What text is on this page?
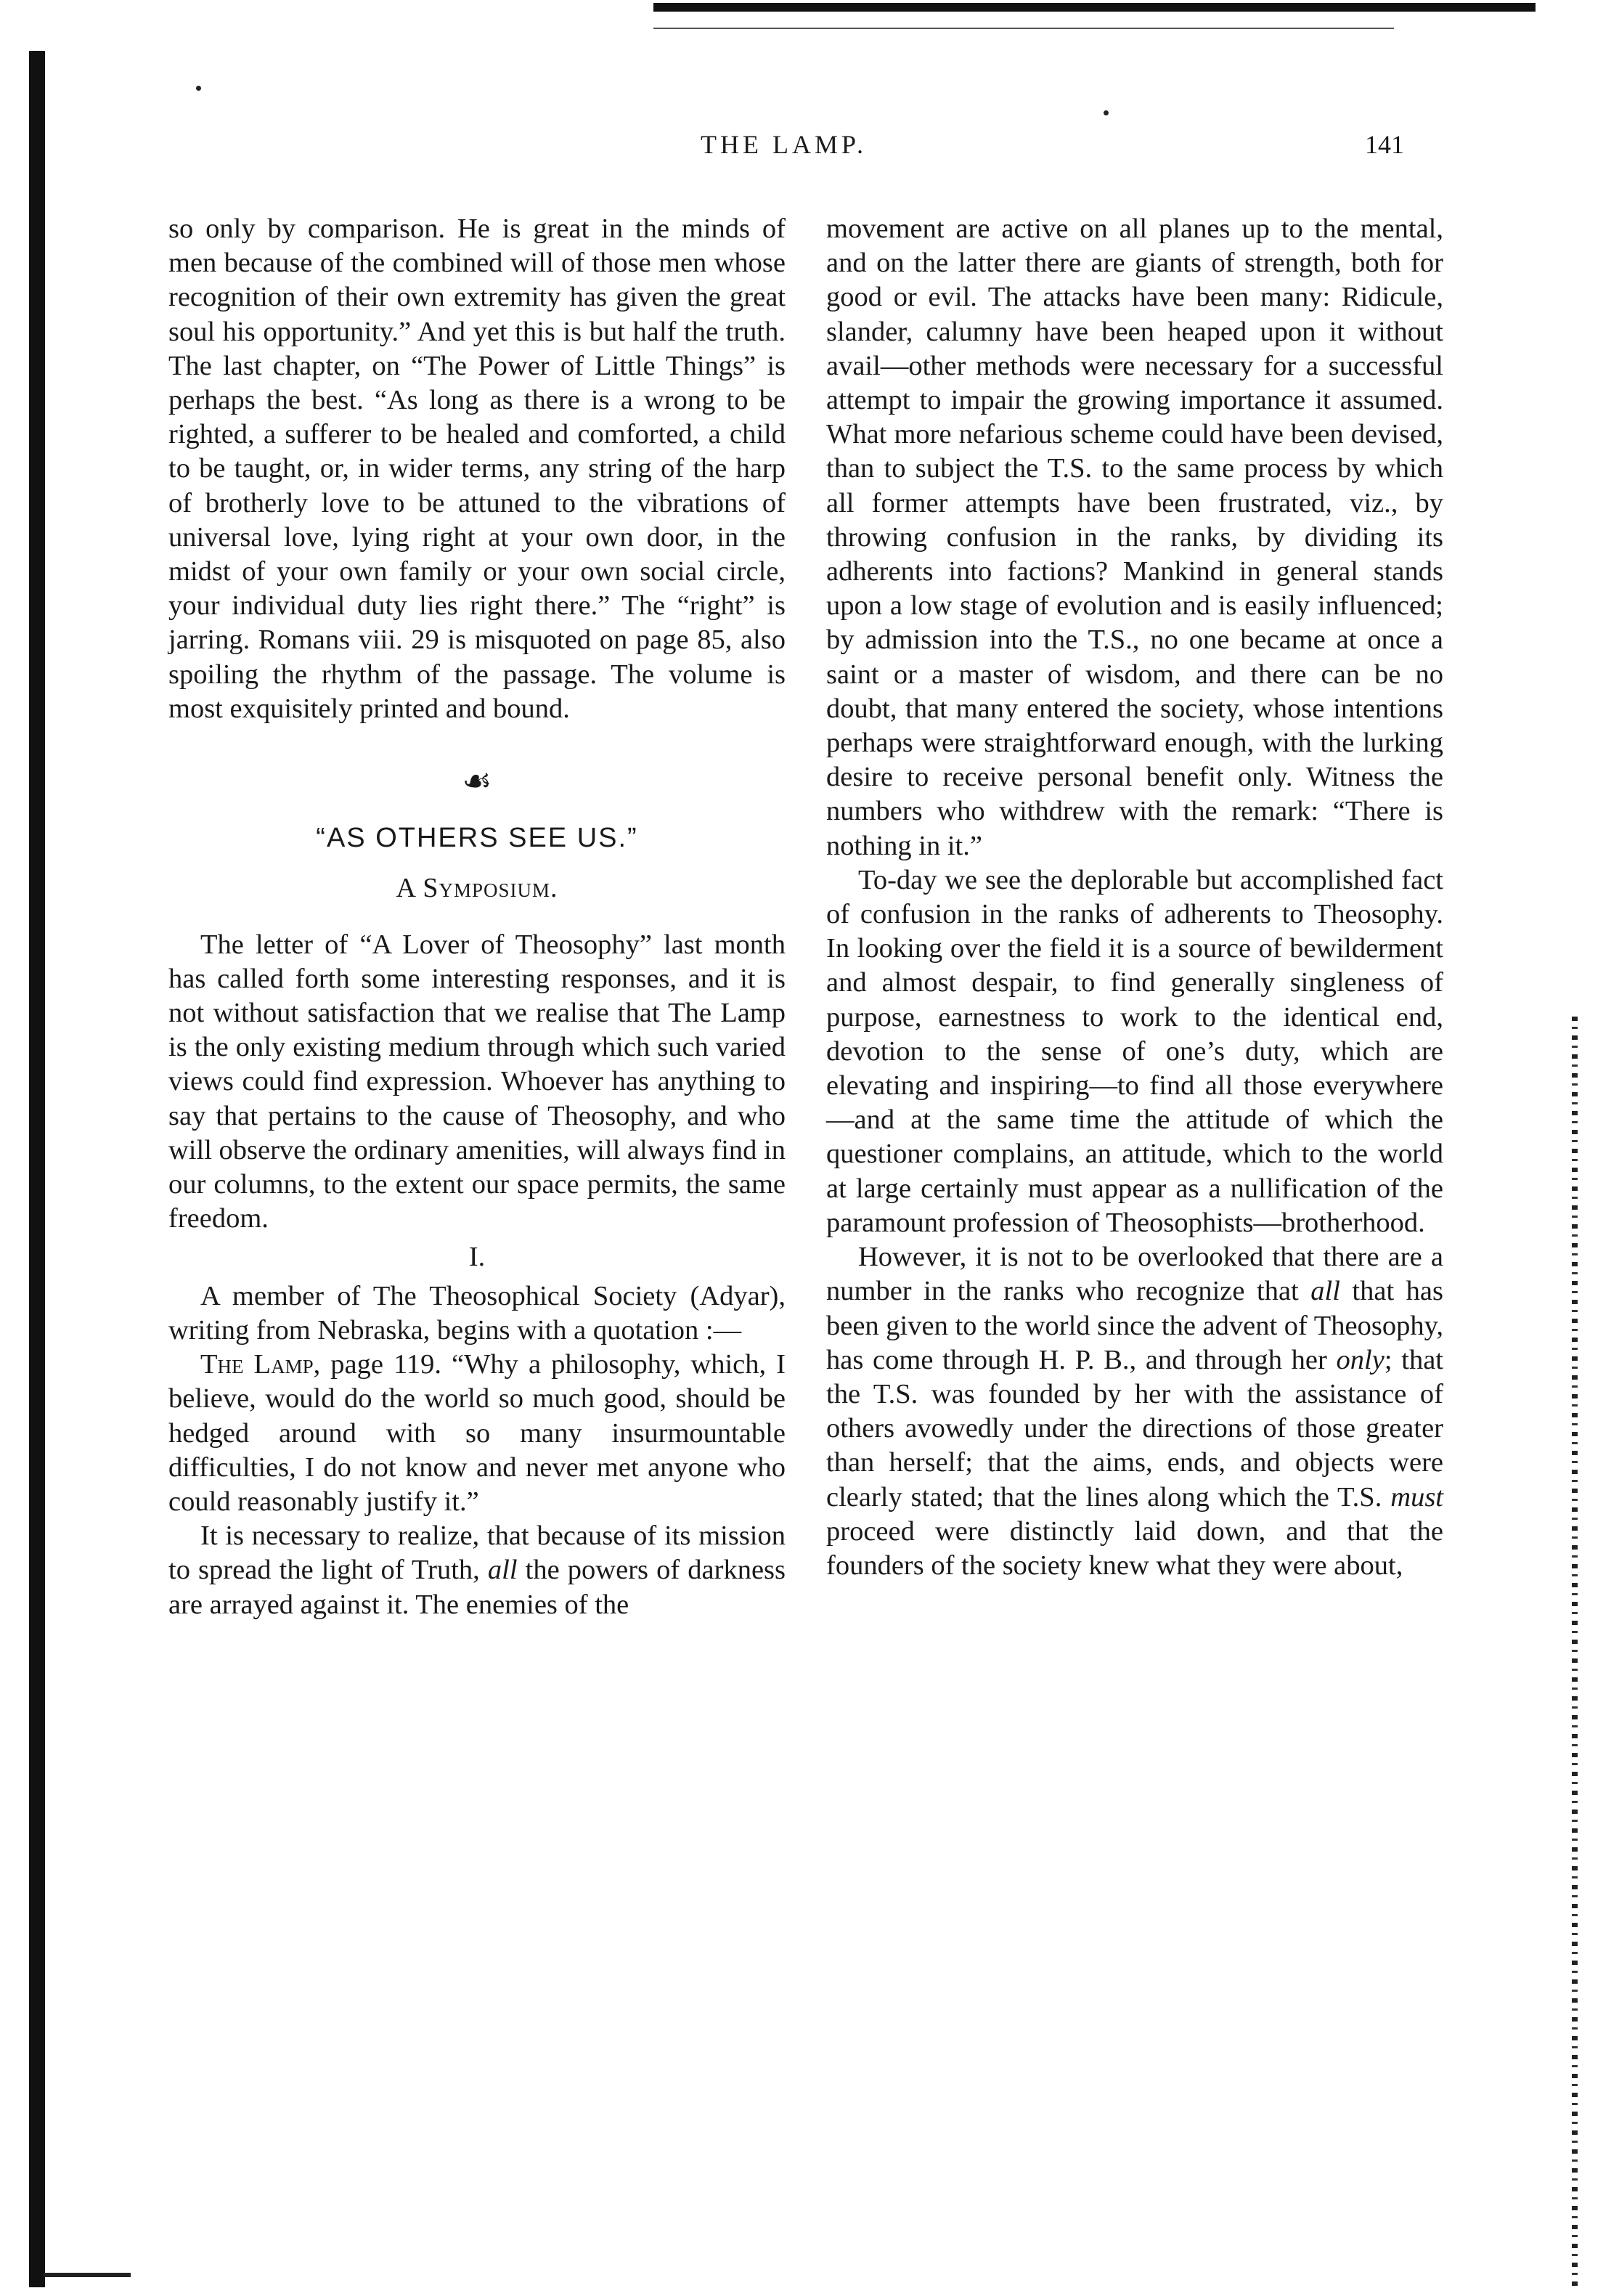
THE LAMP.	141

so only by comparison. He is great in the minds of men because of the combined will of those men whose recognition of their own extremity has given the great soul his opportunity.” And yet this is but half the truth. The last chapter, on “The Power of Little Things” is perhaps the best. “As long as there is a wrong to be righted, a sufferer to be healed and comforted, a child to be taught, or, in wider terms, any string of the harp of brotherly love to be attuned to the vibrations of universal love, lying right at your own door, in the midst of your own family or your own social circle, your individual duty lies right there.” The “right” is jarring. Romans viii. 29 is misquoted on page 85, also spoiling the rhythm of the passage. The volume is most exquisitely printed and bound.

☙
“AS OTHERS SEE US.”
A Symposium.

The letter of “A Lover of Theosophy” last month has called forth some interesting responses, and it is not without satisfaction that we realise that The Lamp is the only existing medium through which such varied views could find expression. Whoever has anything to say that pertains to the cause of Theosophy, and who will observe the ordinary amenities, will always find in our columns, to the extent our space permits, the same freedom.

I.

A member of The Theosophical Society (Adyar), writing from Nebraska, begins with a quotation :—

The Lamp, page 119. “Why a philosophy, which, I believe, would do the world so much good, should be hedged around with so many insurmountable difficulties, I do not know and never met anyone who could reasonably justify it.”

It is necessary to realize, that because of its mission to spread the light of Truth, all the powers of darkness are arrayed against it. The enemies of the

movement are active on all planes up to the mental, and on the latter there are giants of strength, both for good or evil. The attacks have been many: Ridicule, slander, calumny have been heaped upon it without avail—other methods were necessary for a successful attempt to impair the growing importance it assumed. What more nefarious scheme could have been devised, than to subject the T.S. to the same process by which all former attempts have been frustrated, viz., by throwing confusion in the ranks, by dividing its adherents into factions? Mankind in general stands upon a low stage of evolution and is easily influenced; by admission into the T.S., no one became at once a saint or a master of wisdom, and there can be no doubt, that many entered the society, whose intentions perhaps were straightforward enough, with the lurking desire to receive personal benefit only. Witness the numbers who withdrew with the remark: “There is nothing in it.”

To-day we see the deplorable but accomplished fact of confusion in the ranks of adherents to Theosophy. In looking over the field it is a source of bewilderment and almost despair, to find generally singleness of purpose, earnestness to work to the identical end, devotion to the sense of one’s duty, which are elevating and inspiring—to find all those everywhere—and at the same time the attitude of which the questioner complains, an attitude, which to the world at large certainly must appear as a nullification of the paramount profession of Theosophists—brotherhood.

However, it is not to be overlooked that there are a number in the ranks who recognize that all that has been given to the world since the advent of Theosophy, has come through H. P. B., and through her only; that the T.S. was founded by her with the assistance of others avowedly under the directions of those greater than herself; that the aims, ends, and objects were clearly stated; that the lines along which the T.S. must proceed were distinctly laid down, and that the founders of the society knew what they were about,
